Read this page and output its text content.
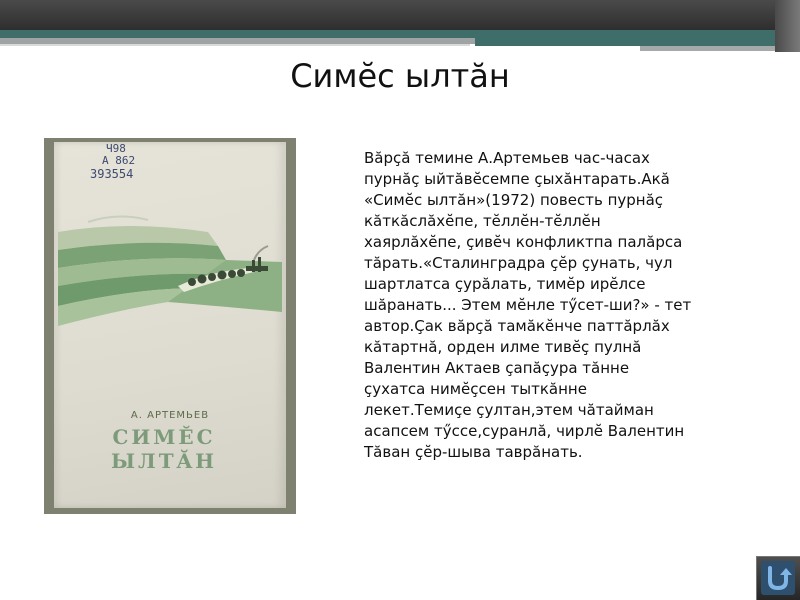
Симĕс ылтăн
Ч98
А 862
393554
А. АРТЕМЬЕВ
СИМĔС
ЫЛТĂН
Вăрçă темине А.Артемьев час-часах
пурнăç ыйтăвĕсемпе çыхăнтарать.Акă
«Симĕс ылтăн»(1972) повесть пурнăç
кăткăслăхĕпе, тĕллĕн-тĕллĕн
хаярлăхĕпе, çивĕч конфликтпа палăрса
тăрать.«Сталинградра çĕр çунать, чул
шартлатса çурăлать, тимĕр ирĕлсе
шăранать... Этем мĕнле тӳсет-ши?» - тет
автор.Çак вăрçă тамăкĕнче паттăрлăх
кăтартнă, орден илме тивĕç пулнă
Валентин Актаев çапăçура тăнне
çухатса нимĕçсен тыткăнне
лекет.Темиçе çултан,этем чăтайман
асапсем тӳссе,суранлă, чирлĕ Валентин
Тăван çĕр-шыва таврăнать.
